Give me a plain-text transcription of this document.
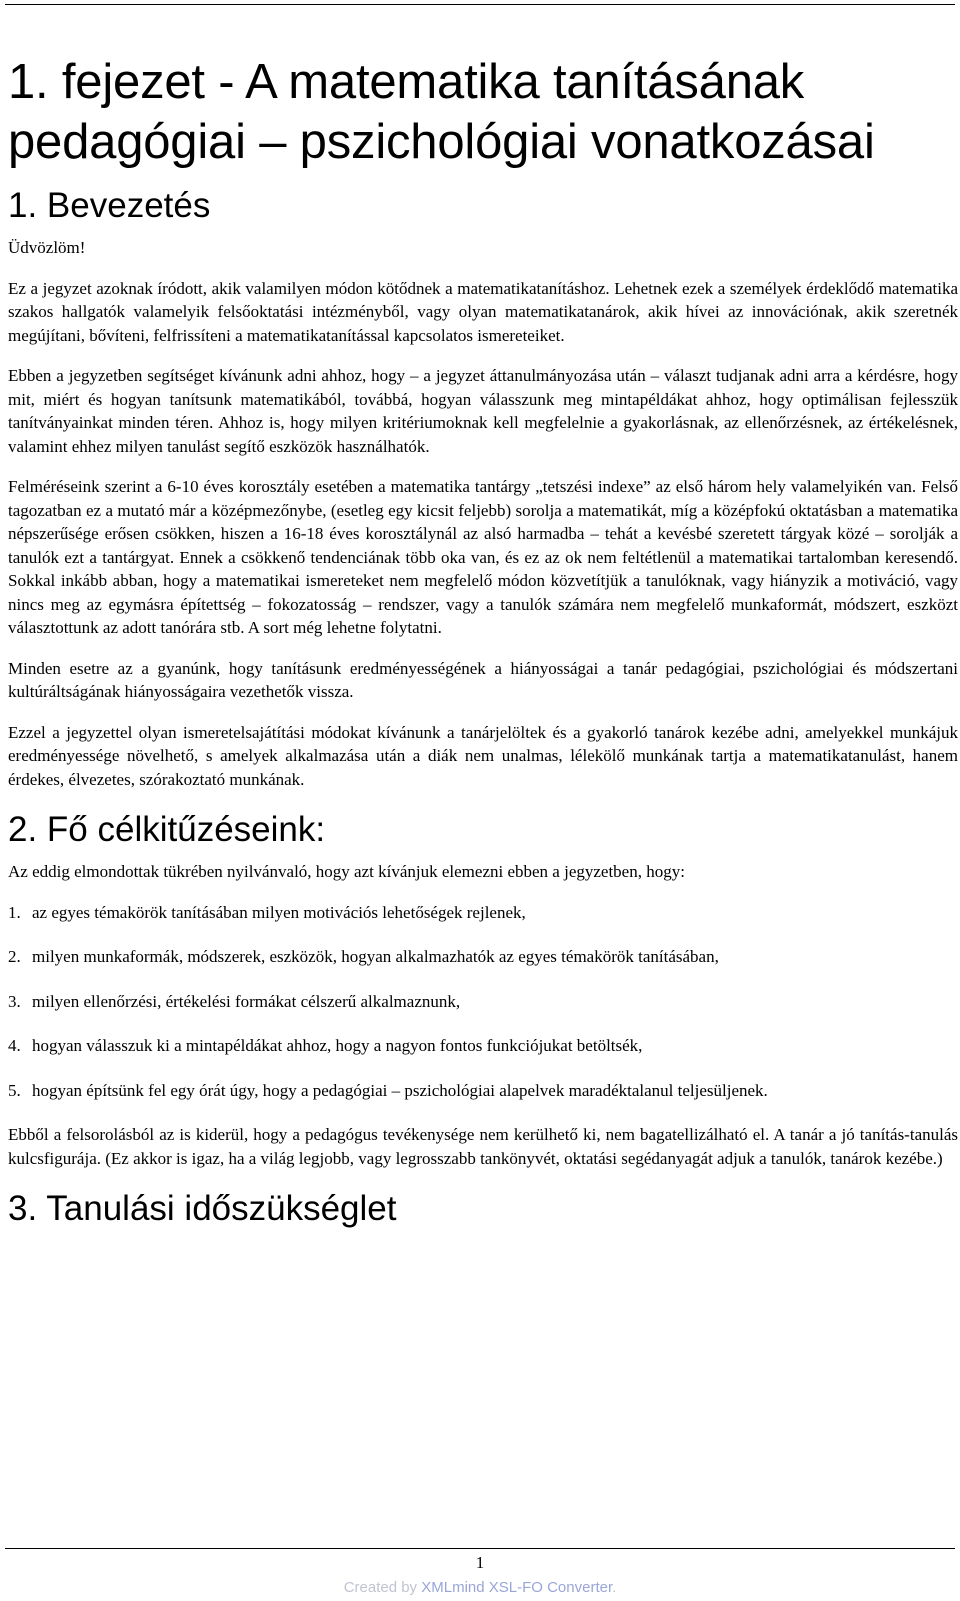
1. fejezet - A matematika tanításának pedagógiai – pszichológiai vonatkozásai
1. Bevezetés

Üdvözlöm!

Ez a jegyzet azoknak íródott, akik valamilyen módon kötődnek a matematikatanításhoz. Lehetnek ezek a személyek érdeklődő matematika szakos hallgatók valamelyik felsőoktatási intézményből, vagy olyan matematikatanárok, akik hívei az innovációnak, akik szeretnék megújítani, bővíteni, felfrissíteni a matematikatanítással kapcsolatos ismereteiket.

Ebben a jegyzetben segítséget kívánunk adni ahhoz, hogy – a jegyzet áttanulmányozása után – választ tudjanak adni arra a kérdésre, hogy mit, miért és hogyan tanítsunk matematikából, továbbá, hogyan válasszunk meg mintapéldákat ahhoz, hogy optimálisan fejlesszük tanítványainkat minden téren. Ahhoz is, hogy milyen kritériumoknak kell megfelelnie a gyakorlásnak, az ellenőrzésnek, az értékelésnek, valamint ehhez milyen tanulást segítő eszközök használhatók.

Felméréseink szerint a 6-10 éves korosztály esetében a matematika tantárgy „tetszési indexe” az első három hely valamelyikén van. Felső tagozatban ez a mutató már a középmezőnybe, (esetleg egy kicsit feljebb) sorolja a matematikát, míg a középfokú oktatásban a matematika népszerűsége erősen csökken, hiszen a 16-18 éves korosztálynál az alsó harmadba – tehát a kevésbé szeretett tárgyak közé – sorolják a tanulók ezt a tantárgyat. Ennek a csökkenő tendenciának több oka van, és ez az ok nem feltétlenül a matematikai tartalomban keresendő. Sokkal inkább abban, hogy a matematikai ismereteket nem megfelelő módon közvetítjük a tanulóknak, vagy hiányzik a motiváció, vagy nincs meg az egymásra építettség – fokozatosság – rendszer, vagy a tanulók számára nem megfelelő munkaformát, módszert, eszközt választottunk az adott tanórára stb. A sort még lehetne folytatni.

Minden esetre az a gyanúnk, hogy tanításunk eredményességének a hiányosságai a tanár pedagógiai, pszichológiai és módszertani kultúráltságának hiányosságaira vezethetők vissza.

Ezzel a jegyzettel olyan ismeretelsajátítási módokat kívánunk a tanárjelöltek és a gyakorló tanárok kezébe adni, amelyekkel munkájuk eredményessége növelhető, s amelyek alkalmazása után a diák nem unalmas, lélekölő munkának tartja a matematikatanulást, hanem érdekes, élvezetes, szórakoztató munkának.

2. Fő célkitűzéseink:

Az eddig elmondottak tükrében nyilvánvaló, hogy azt kívánjuk elemezni ebben a jegyzetben, hogy:

1. az egyes témakörök tanításában milyen motivációs lehetőségek rejlenek,
2. milyen munkaformák, módszerek, eszközök, hogyan alkalmazhatók az egyes témakörök tanításában,
3. milyen ellenőrzési, értékelési formákat célszerű alkalmaznunk,
4. hogyan válasszuk ki a mintapéldákat ahhoz, hogy a nagyon fontos funkciójukat betöltsék,
5. hogyan építsünk fel egy órát úgy, hogy a pedagógiai – pszichológiai alapelvek maradéktalanul teljesüljenek.

Ebből a felsorolásból az is kiderül, hogy a pedagógus tevékenysége nem kerülhető ki, nem bagatellizálható el. A tanár a jó tanítás-tanulás kulcsfigurája. (Ez akkor is igaz, ha a világ legjobb, vagy legrosszabb tankönyvét, oktatási segédanyagát adjuk a tanulók, tanárok kezébe.)

3. Tanulási időszükséglet
1
Created by XMLmind XSL-FO Converter.
